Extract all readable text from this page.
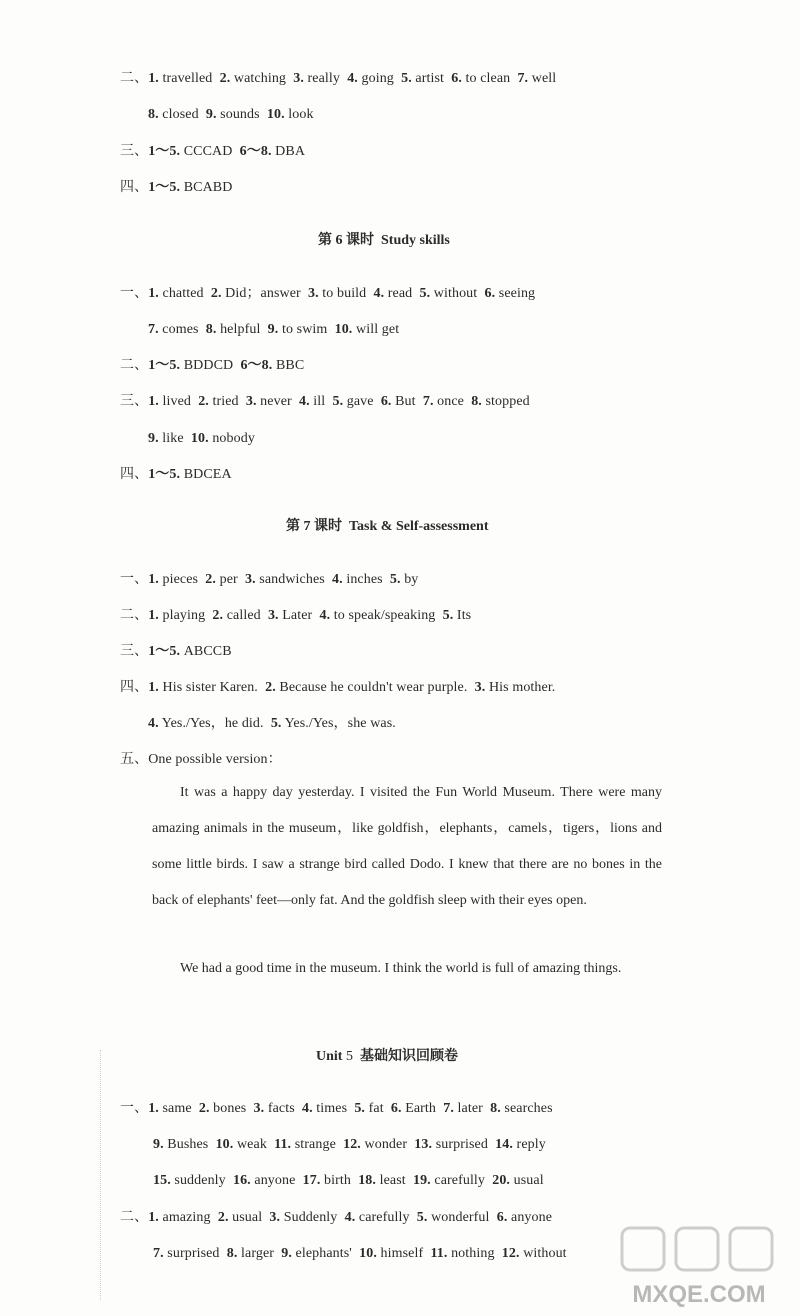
二、1. travelled 2. watching 3. really 4. going 5. artist 6. to clean 7. well
8. closed 9. sounds 10. look
三、1～5. CCCAD 6～8. DBA
四、1～5. BCABD
第 6 课时 Study skills
一、1. chatted 2. Did；answer 3. to build 4. read 5. without 6. seeing
7. comes 8. helpful 9. to swim 10. will get
二、1～5. BDDCD 6～8. BBC
三、1. lived 2. tried 3. never 4. ill 5. gave 6. But 7. once 8. stopped
9. like 10. nobody
四、1～5. BDCEA
第 7 课时 Task & Self-assessment
一、1. pieces 2. per 3. sandwiches 4. inches 5. by
二、1. playing 2. called 3. Later 4. to speak/speaking 5. Its
三、1～5. ABCCB
四、1. His sister Karen. 2. Because he couldn't wear purple. 3. His mother.
4. Yes./Yes，he did. 5. Yes./Yes，she was.
五、One possible version：
It was a happy day yesterday. I visited the Fun World Museum. There were many amazing animals in the museum，like goldfish，elephants，camels，tigers，lions and some little birds. I saw a strange bird called Dodo. I knew that there are no bones in the back of elephants' feet—only fat. And the goldfish sleep with their eyes open.
We had a good time in the museum. I think the world is full of amazing things.
Unit 5 基础知识回顾卷
一、1. same 2. bones 3. facts 4. times 5. fat 6. Earth 7. later 8. searches
9. Bushes 10. weak 11. strange 12. wonder 13. surprised 14. reply
15. suddenly 16. anyone 17. birth 18. least 19. carefully 20. usual
二、1. amazing 2. usual 3. Suddenly 4. carefully 5. wonderful 6. anyone
7. surprised 8. larger 9. elephants' 10. himself 11. nothing 12. without
MXQE.COM
